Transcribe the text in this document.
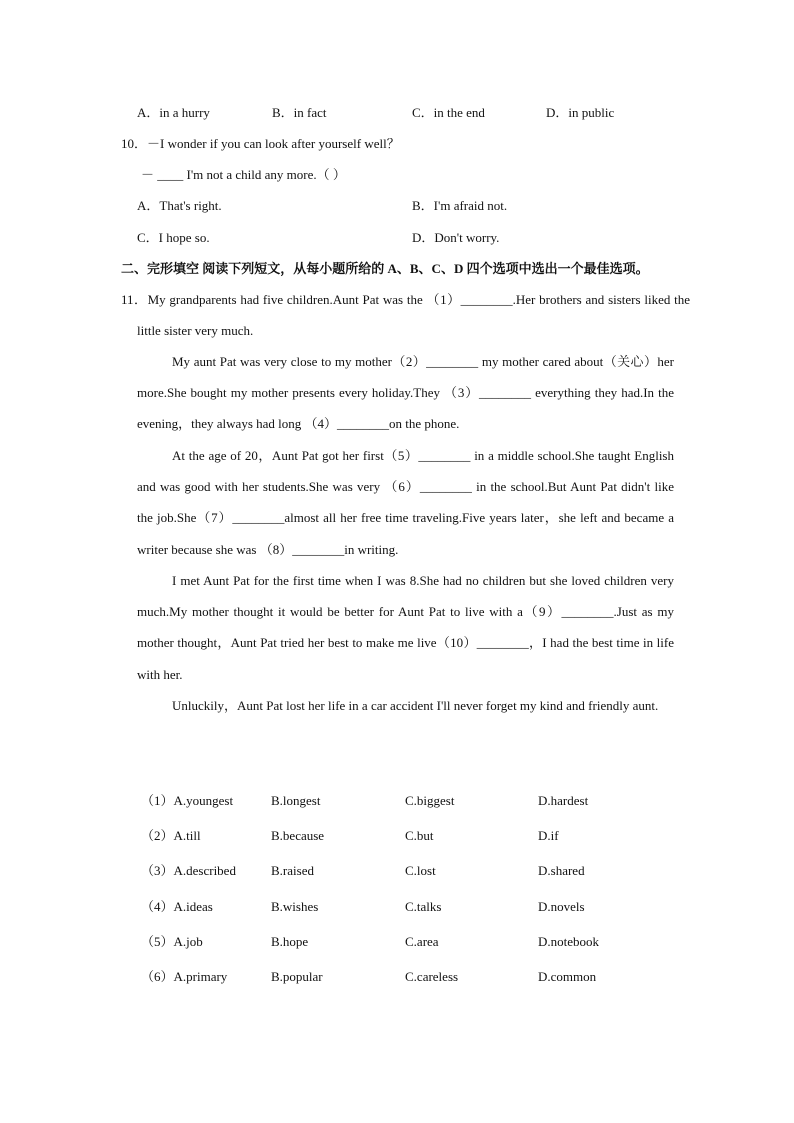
A．in a hurry	B．in fact	C．in the end	D．in public
10．－I wonder if you can look after yourself well？
－ ____ I'm not a child any more.（ ）
A．That's right.	B．I'm afraid not.
C．I hope so.	D．Don't worry.
二、完形填空 阅读下列短文，从每小题所给的 A、B、C、D 四个选项中选出一个最佳选项。
11．My grandparents had five children.Aunt Pat was the （1）________.Her brothers and sisters liked the little sister very much.
My aunt Pat was very close to my mother（2）________ my mother cared about（关心）her more.She bought my mother presents every holiday.They （3）________ everything they had.In the evening，they always had long （4）________on the phone.
At the age of 20，Aunt Pat got her first（5）________ in a middle school.She taught English and was good with her students.She was very （6）________ in the school.But Aunt Pat didn't like the job.She（7）________almost all her free time traveling.Five years later，she left and became a writer because she was （8）________in writing.
I met Aunt Pat for the first time when I was 8.She had no children but she loved children very much.My mother thought it would be better for Aunt Pat to live with a（9）________.Just as my mother thought，Aunt Pat tried her best to make me live（10）________，I had the best time in life with her.
Unluckily，Aunt Pat lost her life in a car accident I'll never forget my kind and friendly aunt.
（1）A.youngest	B.longest	C.biggest	D.hardest
（2）A.till	B.because	C.but	D.if
（3）A.described	B.raised	C.lost	D.shared
（4）A.ideas	B.wishes	C.talks	D.novels
（5）A.job	B.hope	C.area	D.notebook
（6）A.primary	B.popular	C.careless	D.common
